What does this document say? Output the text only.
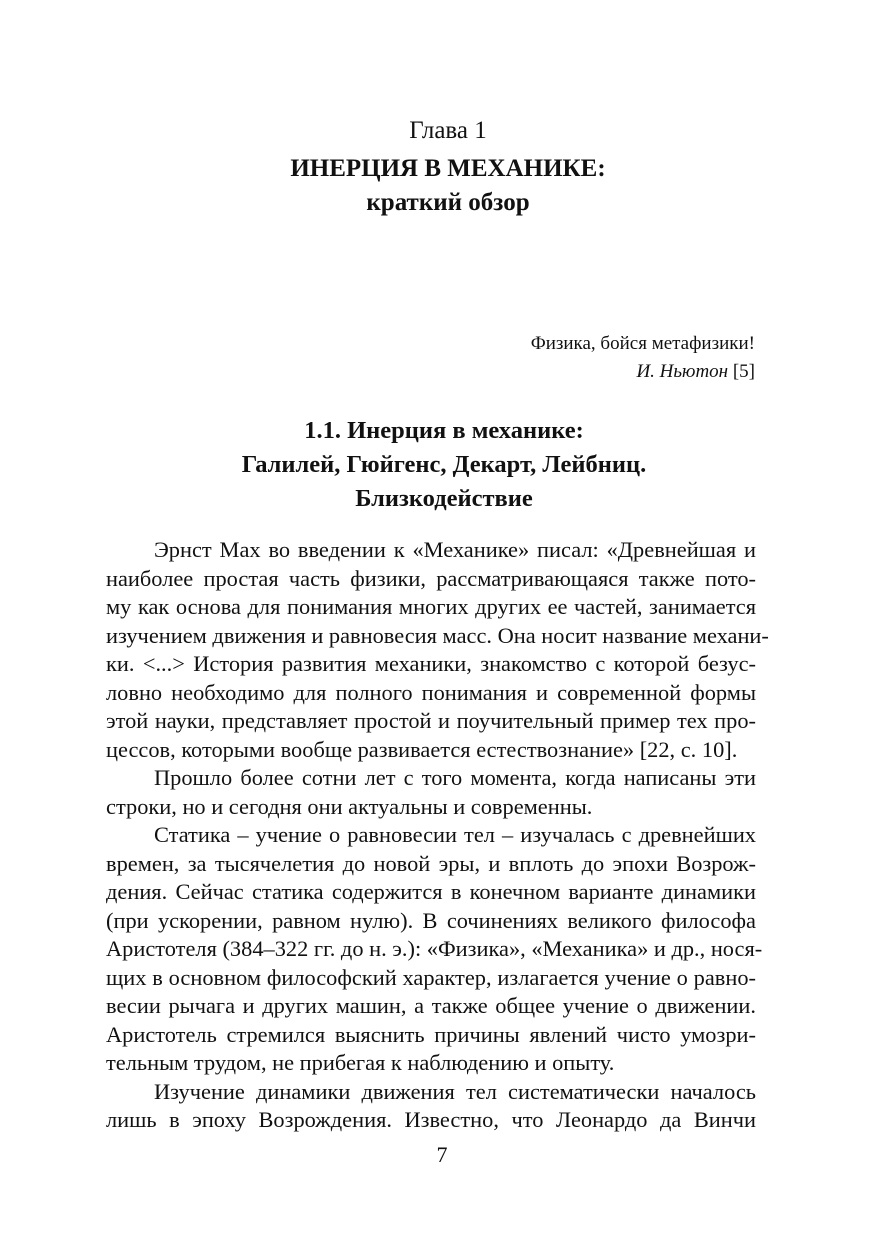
Глава 1
ИНЕРЦИЯ В МЕХАНИКЕ:
краткий обзор
Физика, бойся метафизики!
И. Ньютон [5]
1.1. Инерция в механике:
Галилей, Гюйгенс, Декарт, Лейбниц.
Близкодействие
Эрнст Мах во введении к «Механике» писал: «Древнейшая и
наиболее простая часть физики, рассматривающаяся также пото-
му как основа для понимания многих других ее частей, занимается
изучением движения и равновесия масс. Она носит название механи-
ки. <...> История развития механики, знакомство с которой безус-
ловно необходимо для полного понимания и современной формы
этой науки, представляет простой и поучительный пример тех про-
цессов, которыми вообще развивается естествознание» [22, с. 10].
Прошло более сотни лет с того момента, когда написаны эти
строки, но и сегодня они актуальны и современны.
Статика – учение о равновесии тел – изучалась с древнейших
времен, за тысячелетия до новой эры, и вплоть до эпохи Возрож-
дения. Сейчас статика содержится в конечном варианте динамики
(при ускорении, равном нулю). В сочинениях великого философа
Аристотеля (384–322 гг. до н. э.): «Физика», «Механика» и др., нося-
щих в основном философский характер, излагается учение о равно-
весии рычага и других машин, а также общее учение о движении.
Аристотель стремился выяснить причины явлений чисто умозри-
тельным трудом, не прибегая к наблюдению и опыту.
Изучение динамики движения тел систематически началось
лишь в эпоху Возрождения. Известно, что Леонардо да Винчи
7
